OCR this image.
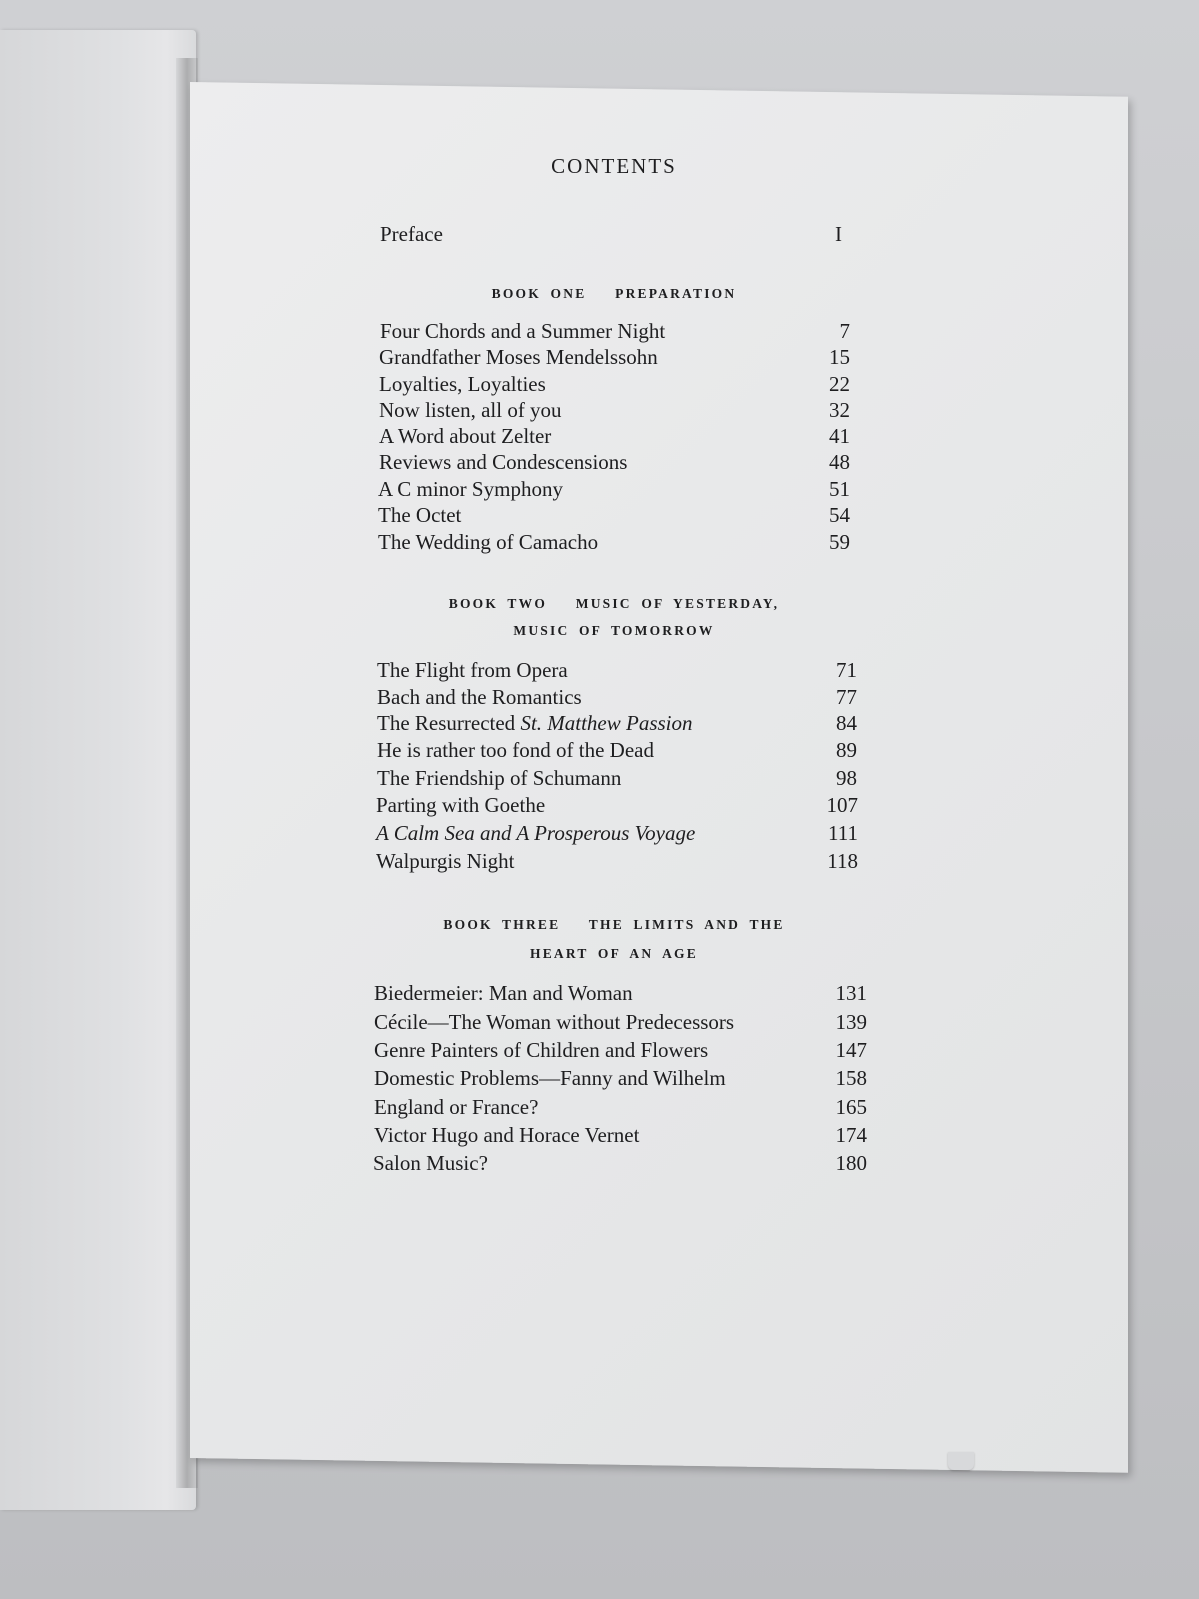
CONTENTS
Preface	I
BOOK ONE   PREPARATION
Four Chords and a Summer Night	7
Grandfather Moses Mendelssohn	15
Loyalties, Loyalties	22
Now listen, all of you	32
A Word about Zelter	41
Reviews and Condescensions	48
A C minor Symphony	51
The Octet	54
The Wedding of Camacho	59
BOOK TWO   MUSIC OF YESTERDAY,
MUSIC OF TOMORROW
The Flight from Opera	71
Bach and the Romantics	77
The Resurrected St. Matthew Passion	84
He is rather too fond of the Dead	89
The Friendship of Schumann	98
Parting with Goethe	107
A Calm Sea and A Prosperous Voyage	111
Walpurgis Night	118
BOOK THREE   THE LIMITS AND THE
HEART OF AN AGE
Biedermeier: Man and Woman	131
Cécile—The Woman without Predecessors	139
Genre Painters of Children and Flowers	147
Domestic Problems—Fanny and Wilhelm	158
England or France?	165
Victor Hugo and Horace Vernet	174
Salon Music?	180
